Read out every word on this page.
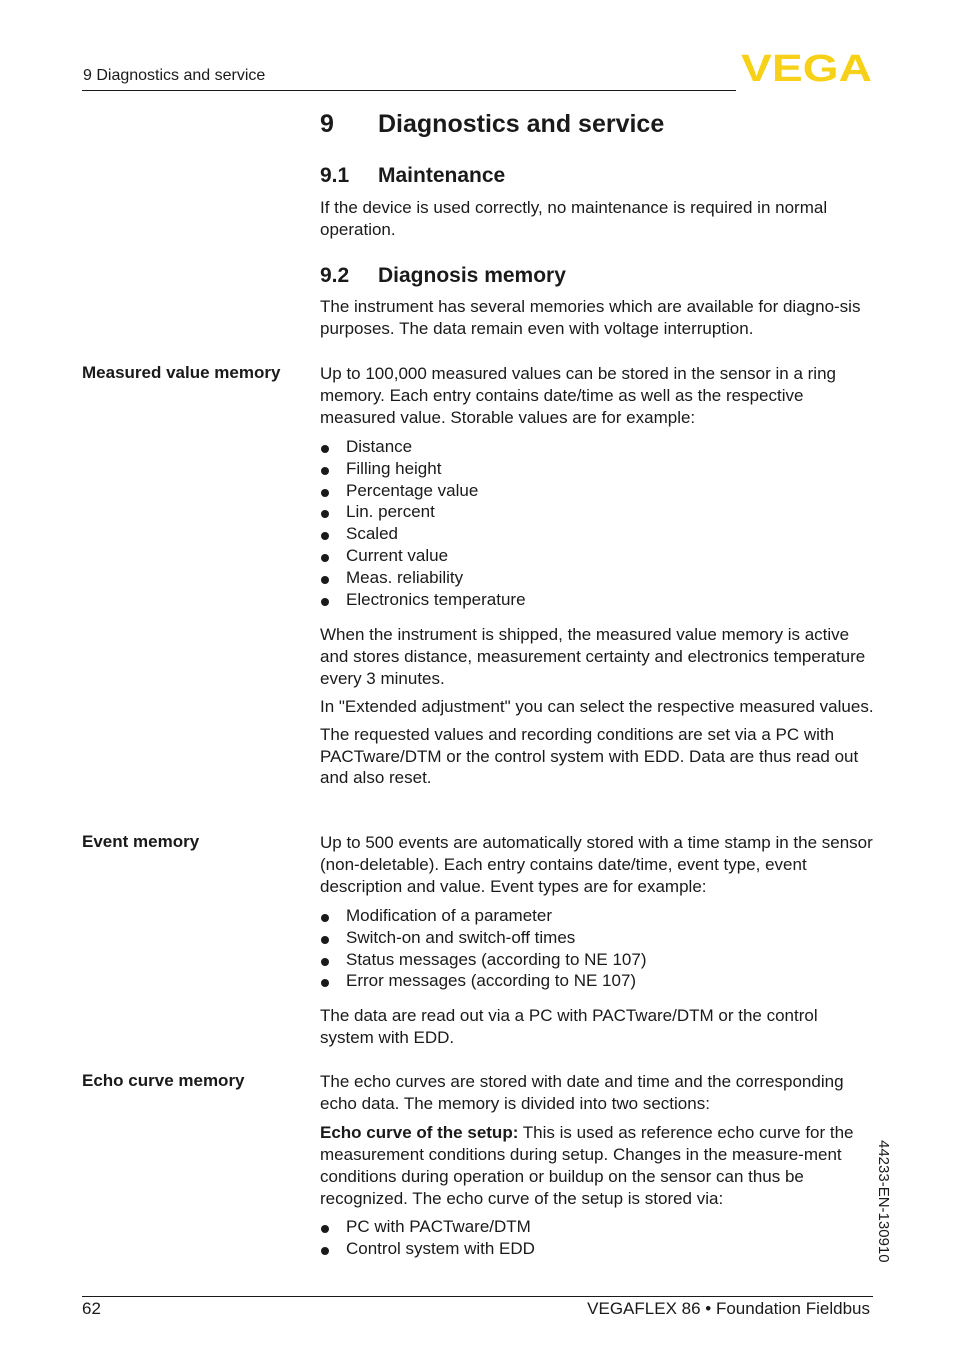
9 Diagnostics and service	VEGA
9 Diagnostics and service
9.1 Maintenance

If the device is used correctly, no maintenance is required in normal operation.

9.2 Diagnosis memory

The instrument has several memories which are available for diagno-sis purposes. The data remain even with voltage interruption.

Measured value memory Up to 100,000 measured values can be stored in the sensor in a ring memory. Each entry contains date/time as well as the respective measured value. Storable values are for example:

Distance
Filling height
Percentage value
Lin. percent
Scaled
Current value
Meas. reliability
Electronics temperature

When the instrument is shipped, the measured value memory is active and stores distance, measurement certainty and electronics temperature every 3 minutes.

In "Extended adjustment" you can select the respective measured values.

The requested values and recording conditions are set via a PC with PACTware/DTM or the control system with EDD. Data are thus read out and also reset.

Event memory	Up to 500 events are automatically stored with a time stamp in the sensor (non-deletable). Each entry contains date/time, event type, event description and value. Event types are for example:

Modification of a parameter
Switch-on and switch-off times
Status messages (according to NE 107)
Error messages (according to NE 107)

The data are read out via a PC with PACTware/DTM or the control system with EDD.

Echo curve memory	The echo curves are stored with date and time and the corresponding echo data. The memory is divided into two sections:

Echo curve of the setup: This is used as reference echo curve for the measurement conditions during setup. Changes in the measure-ment conditions during operation or buildup on the sensor can thus be recognized. The echo curve of the setup is stored via:

PC with PACTware/DTM
Control system with EDD	44233-EN-130910
62	VEGAFLEX 86 • Foundation Fieldbus
